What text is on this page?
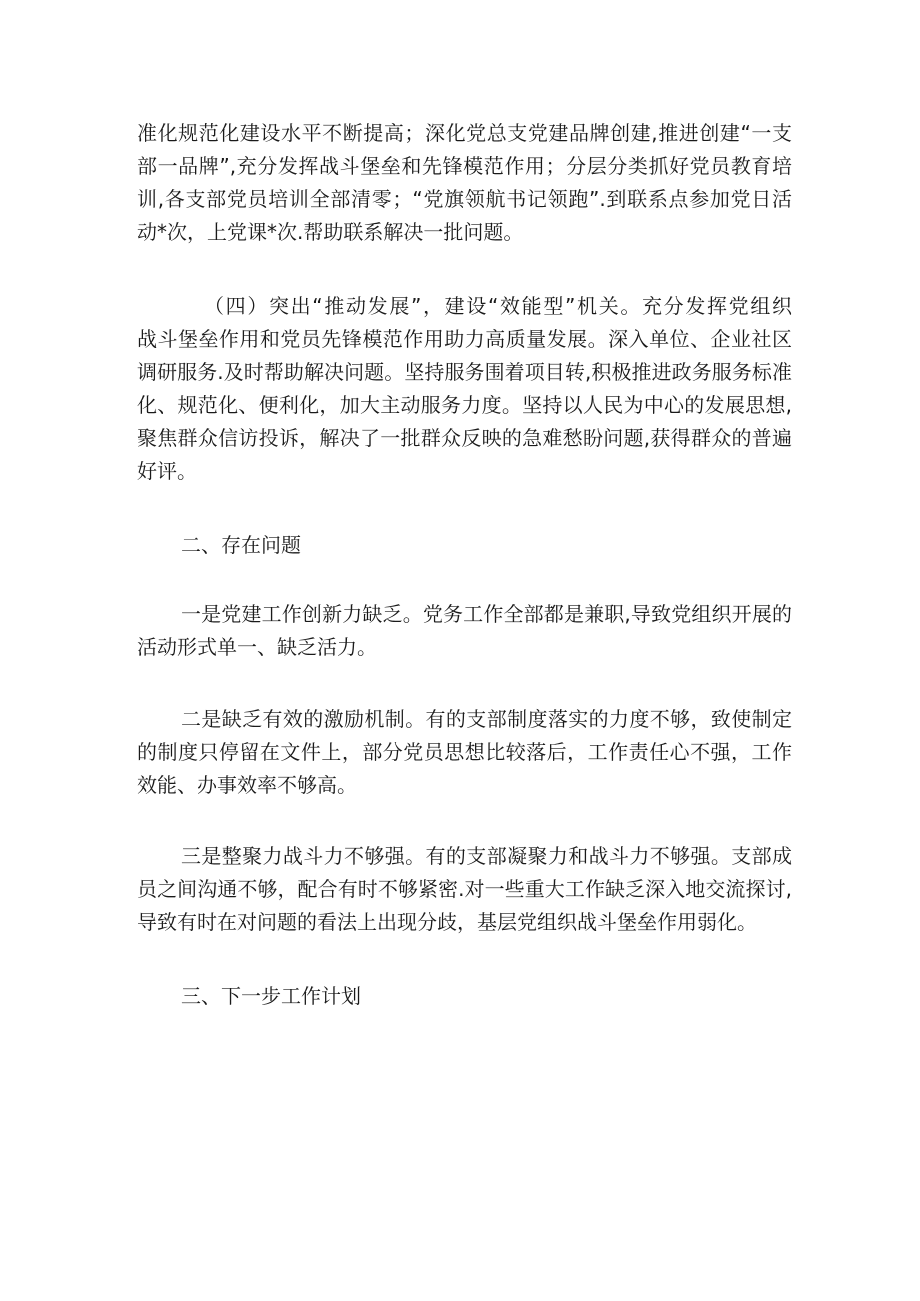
准化规范化建设水平不断提高；深化党总支党建品牌创建,推进创建“一支
部一品牌”,充分发挥战斗堡垒和先锋模范作用；分层分类抓好党员教育培
训,各支部党员培训全部清零；“党旗领航书记领跑”.到联系点参加党日活
动*次，上党课*次.帮助联系解决一批问题。
（四）突出“推动发展”，建设“效能型”机关。充分发挥党组织
战斗堡垒作用和党员先锋模范作用助力高质量发展。深入单位、企业社区
调研服务.及时帮助解决问题。坚持服务围着项目转,积极推进政务服务标准
化、规范化、便利化，加大主动服务力度。坚持以人民为中心的发展思想,
聚焦群众信访投诉，解决了一批群众反映的急难愁盼问题,获得群众的普遍
好评。
二、存在问题
一是党建工作创新力缺乏。党务工作全部都是兼职,导致党组织开展的
活动形式单一、缺乏活力。
二是缺乏有效的激励机制。有的支部制度落实的力度不够，致使制定
的制度只停留在文件上，部分党员思想比较落后，工作责任心不强，工作
效能、办事效率不够高。
三是整聚力战斗力不够强。有的支部凝聚力和战斗力不够强。支部成
员之间沟通不够，配合有时不够紧密.对一些重大工作缺乏深入地交流探讨,
导致有时在对问题的看法上出现分歧，基层党组织战斗堡垒作用弱化。
三、下一步工作计划
